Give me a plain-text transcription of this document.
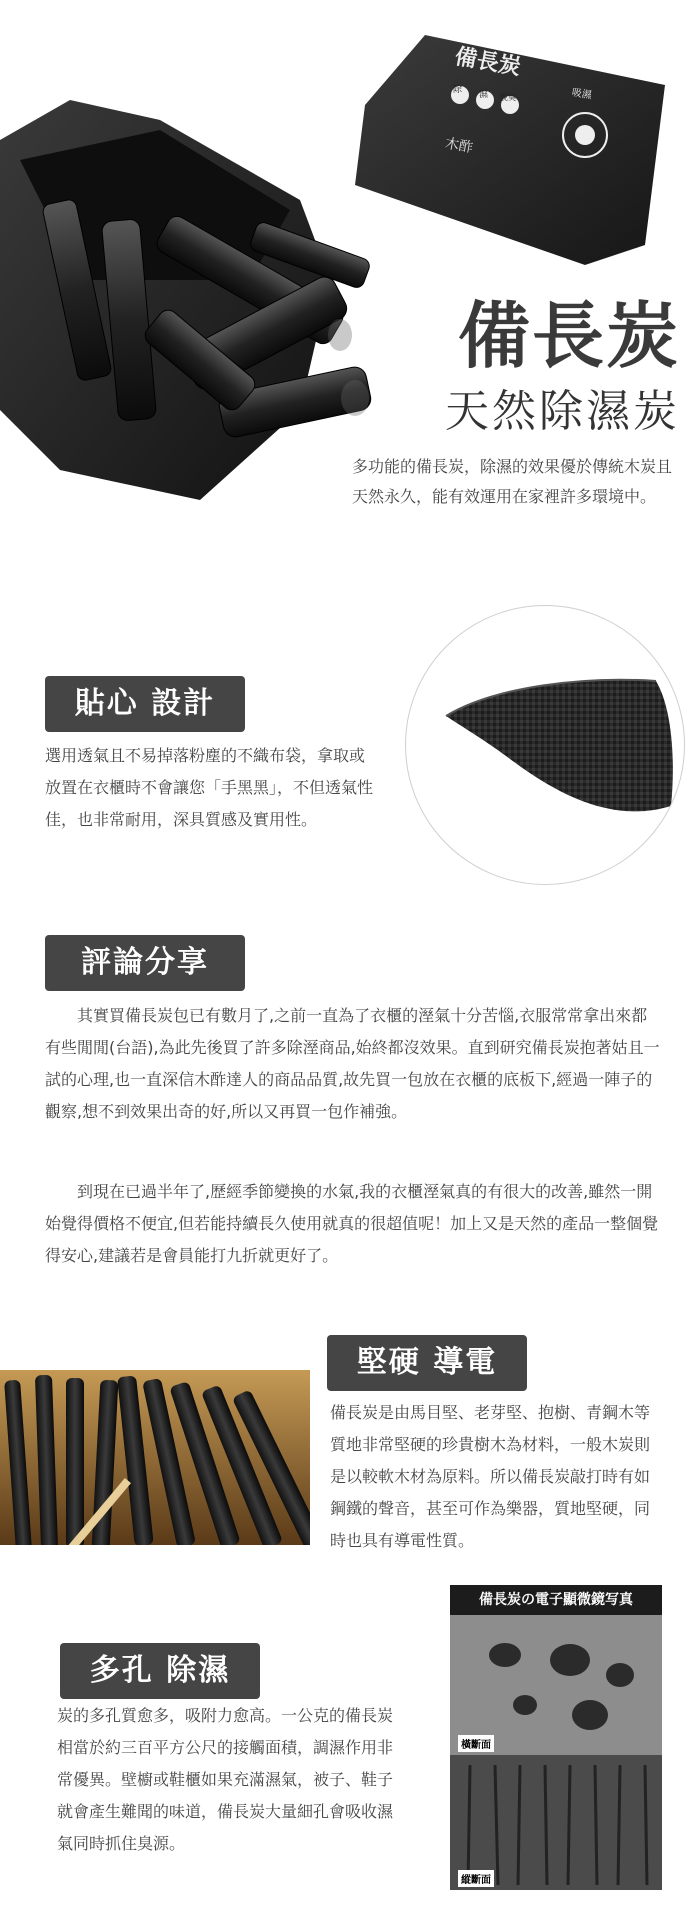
備長炭
木酢
吸濕
除 濕 脫臭
備長炭
天然除濕炭
多功能的備長炭，除濕的效果優於傳統木炭且天然永久，能有效運用在家裡許多環境中。
貼心 設計
選用透氣且不易掉落粉塵的不織布袋，拿取或放置在衣櫃時不會讓您「手黑黑」，不但透氣性佳，也非常耐用，深具質感及實用性。
評論分享
其實買備長炭包已有數月了,之前一直為了衣櫃的溼氣十分苦惱,衣服常常拿出來都有些閒閒(台語),為此先後買了許多除溼商品,始終都沒效果。直到研究備長炭抱著姑且一試的心理,也一直深信木酢達人的商品品質,故先買一包放在衣櫃的底板下,經過一陣子的觀察,想不到效果出奇的好,所以又再買一包作補強。
到現在已過半年了,歷經季節變換的水氣,我的衣櫃溼氣真的有很大的改善,雖然一開始覺得價格不便宜,但若能持續長久使用就真的很超值呢！加上又是天然的產品一整個覺得安心,建議若是會員能打九折就更好了。
堅硬 導電
備長炭是由馬目堅、老芽堅、抱樹、青鋼木等質地非常堅硬的珍貴樹木為材料，一般木炭則是以較軟木材為原料。所以備長炭敲打時有如鋼鐵的聲音，甚至可作為樂器，質地堅硬，同時也具有導電性質。
多孔 除濕
炭的多孔質愈多，吸附力愈高。一公克的備長炭相當於約三百平方公尺的接觸面積，調濕作用非常優異。壁櫥或鞋櫃如果充滿濕氣，被子、鞋子就會產生難聞的味道，備長炭大量細孔會吸收濕氣同時抓住臭源。
備長炭の電子顯微鏡写真
橫斷面
縱斷面
